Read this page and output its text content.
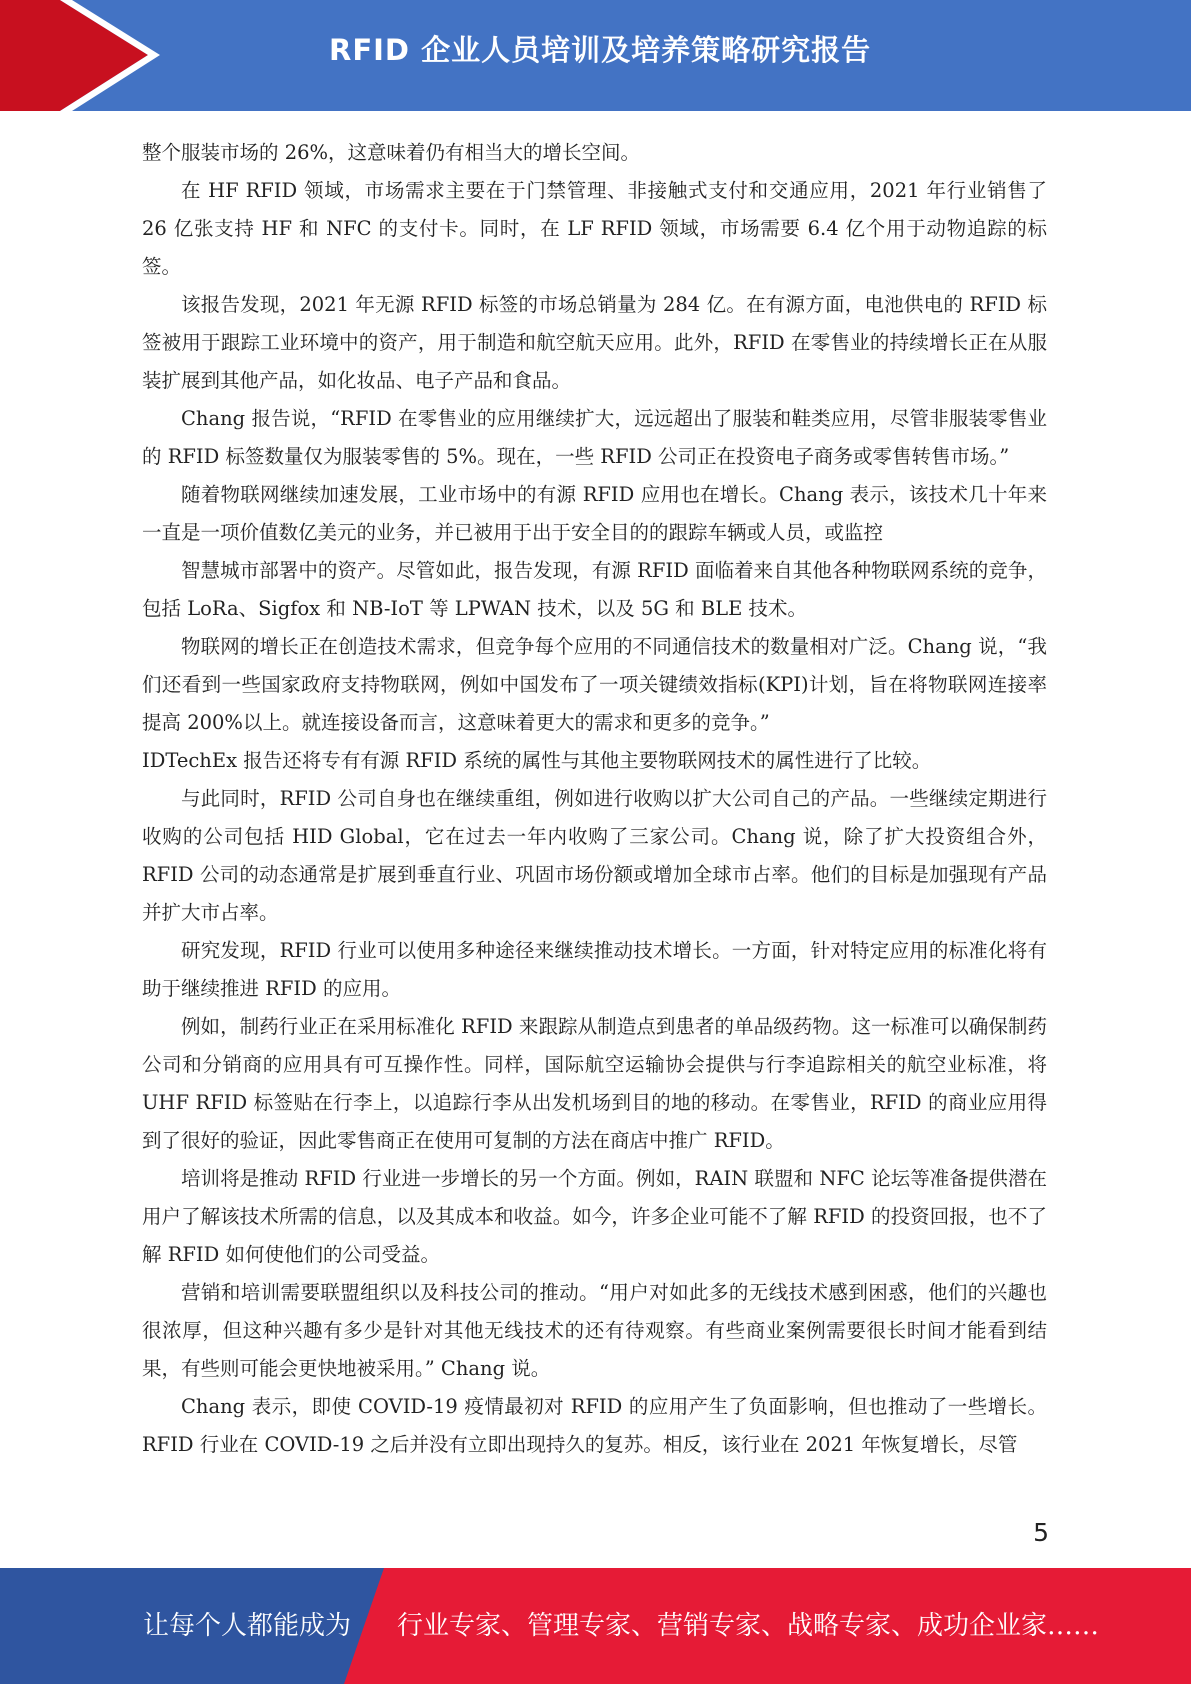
RFID 企业人员培训及培养策略研究报告

整个服装市场的 26%，这意味着仍有相当大的增长空间。

在 HF RFID 领域，市场需求主要在于门禁管理、非接触式支付和交通应用，2021 年行业销售了 26 亿张支持 HF 和 NFC 的支付卡。同时，在 LF RFID 领域，市场需要 6.4 亿个用于动物追踪的标签。

该报告发现，2021 年无源 RFID 标签的市场总销量为 284 亿。在有源方面，电池供电的 RFID 标签被用于跟踪工业环境中的资产，用于制造和航空航天应用。此外，RFID 在零售业的持续增长正在从服装扩展到其他产品，如化妆品、电子产品和食品。

Chang 报告说，“RFID 在零售业的应用继续扩大，远远超出了服装和鞋类应用，尽管非服装零售业的 RFID 标签数量仅为服装零售的 5%。现在，一些 RFID 公司正在投资电子商务或零售转售市场。”

随着物联网继续加速发展，工业市场中的有源 RFID 应用也在增长。Chang 表示，该技术几十年来一直是一项价值数亿美元的业务，并已被用于出于安全目的的跟踪车辆或人员，或监控

智慧城市部署中的资产。尽管如此，报告发现，有源 RFID 面临着来自其他各种物联网系统的竞争，包括 LoRa、Sigfox 和 NB-IoT 等 LPWAN 技术，以及 5G 和 BLE 技术。

物联网的增长正在创造技术需求，但竞争每个应用的不同通信技术的数量相对广泛。Chang 说，“我们还看到一些国家政府支持物联网，例如中国发布了一项关键绩效指标(KPI)计划，旨在将物联网连接率提高 200%以上。就连接设备而言，这意味着更大的需求和更多的竞争。”

IDTechEx 报告还将专有有源 RFID 系统的属性与其他主要物联网技术的属性进行了比较。

与此同时，RFID 公司自身也在继续重组，例如进行收购以扩大公司自己的产品。一些继续定期进行收购的公司包括 HID Global，它在过去一年内收购了三家公司。Chang 说，除了扩大投资组合外，RFID 公司的动态通常是扩展到垂直行业、巩固市场份额或增加全球市占率。他们的目标是加强现有产品并扩大市占率。

研究发现，RFID 行业可以使用多种途径来继续推动技术增长。一方面，针对特定应用的标准化将有助于继续推进 RFID 的应用。

例如，制药行业正在采用标准化 RFID 来跟踪从制造点到患者的单品级药物。这一标准可以确保制药公司和分销商的应用具有可互操作性。同样，国际航空运输协会提供与行李追踪相关的航空业标准，将 UHF RFID 标签贴在行李上，以追踪行李从出发机场到目的地的移动。在零售业，RFID 的商业应用得到了很好的验证，因此零售商正在使用可复制的方法在商店中推广 RFID。

培训将是推动 RFID 行业进一步增长的另一个方面。例如，RAIN 联盟和 NFC 论坛等准备提供潜在用户了解该技术所需的信息，以及其成本和收益。如今，许多企业可能不了解 RFID 的投资回报，也不了解 RFID 如何使他们的公司受益。

营销和培训需要联盟组织以及科技公司的推动。“用户对如此多的无线技术感到困惑，他们的兴趣也很浓厚，但这种兴趣有多少是针对其他无线技术的还有待观察。有些商业案例需要很长时间才能看到结果，有些则可能会更快地被采用。” Chang 说。

Chang 表示，即使 COVID-19 疫情最初对 RFID 的应用产生了负面影响，但也推动了一些增长。RFID 行业在 COVID-19 之后并没有立即出现持久的复苏。相反，该行业在 2021 年恢复增长，尽管

5
让每个人都能成为 行业专家、管理专家、营销专家、战略专家、成功企业家……
